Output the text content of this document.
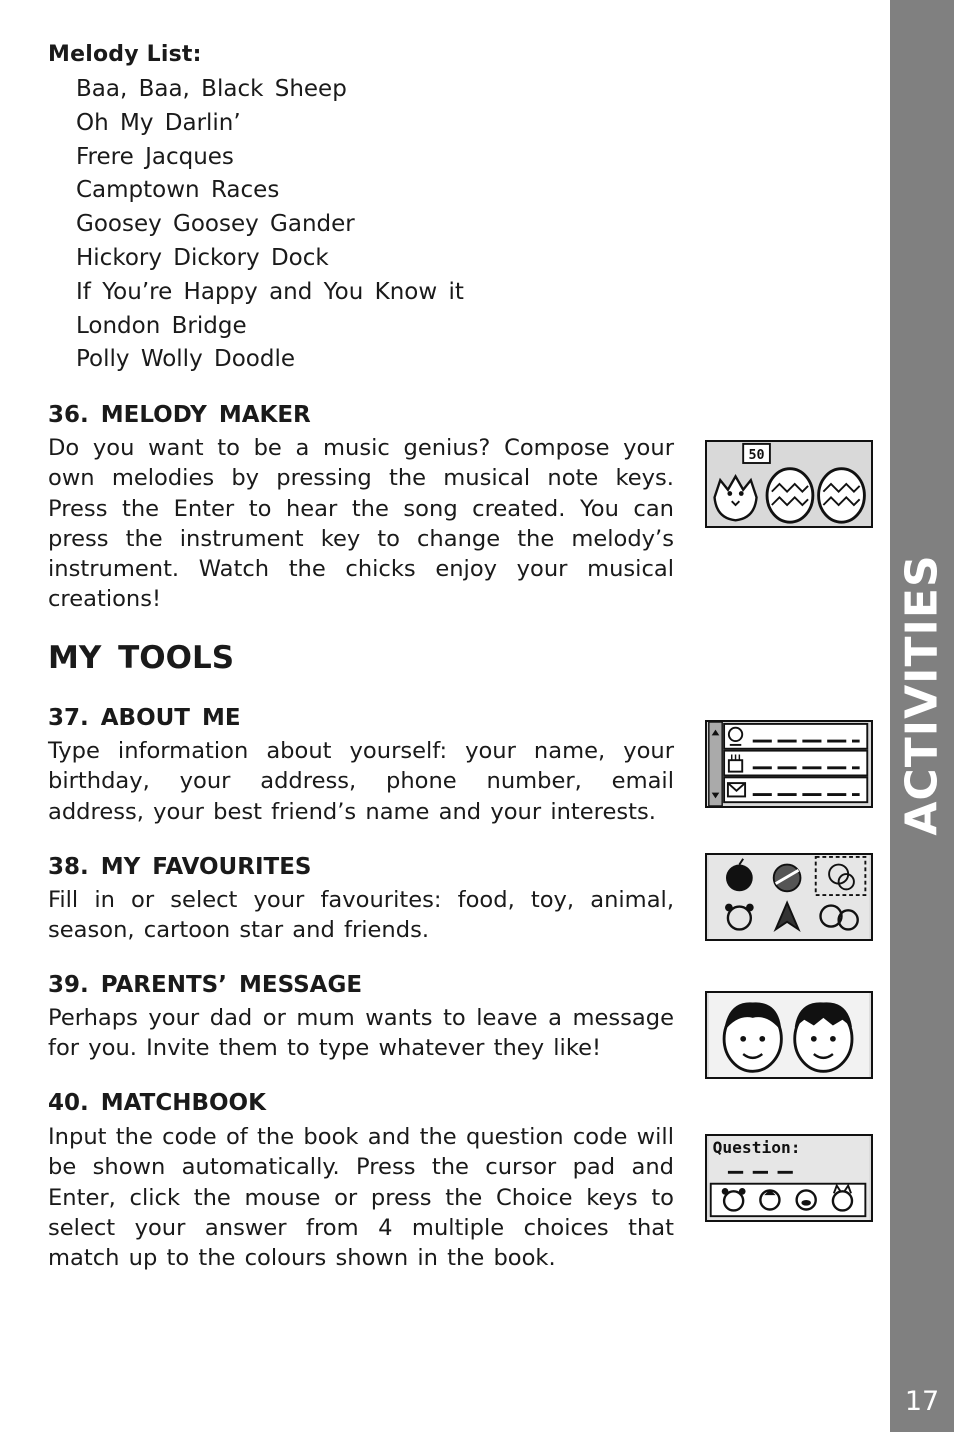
Melody List:
Baa, Baa, Black Sheep
Oh My Darlin’
Frere Jacques
Camptown Races
Goosey Goosey Gander
Hickory Dickory Dock
If You’re Happy and You Know it
London Bridge
Polly Wolly Doodle
36. MELODY MAKER

Do you want to be a music genius? Compose your own melodies by pressing the musical note keys. Press the Enter to hear the song created. You can press the instrument key to change the melody’s instrument. Watch the chicks enjoy your musical creations!

50
MY TOOLS
37. ABOUT ME

Type information about yourself: your name, your birthday, your address, phone number, email address, your best friend’s name and your interests.

38. MY FAVOURITES

Fill in or select your favourites: food, toy, animal, season, cartoon star and friends.

39. PARENTS’ MESSAGE

Perhaps your dad or mum wants to leave a message for you. Invite them to type whatever they like!

40. MATCHBOOK

Input the code of the book and the question code will be shown automatically. Press the cursor pad and Enter, click the mouse or press the Choice keys to select your answer from 4 multiple choices that match up to the colours shown in the book.

Question:
ACTIVITIES
17
